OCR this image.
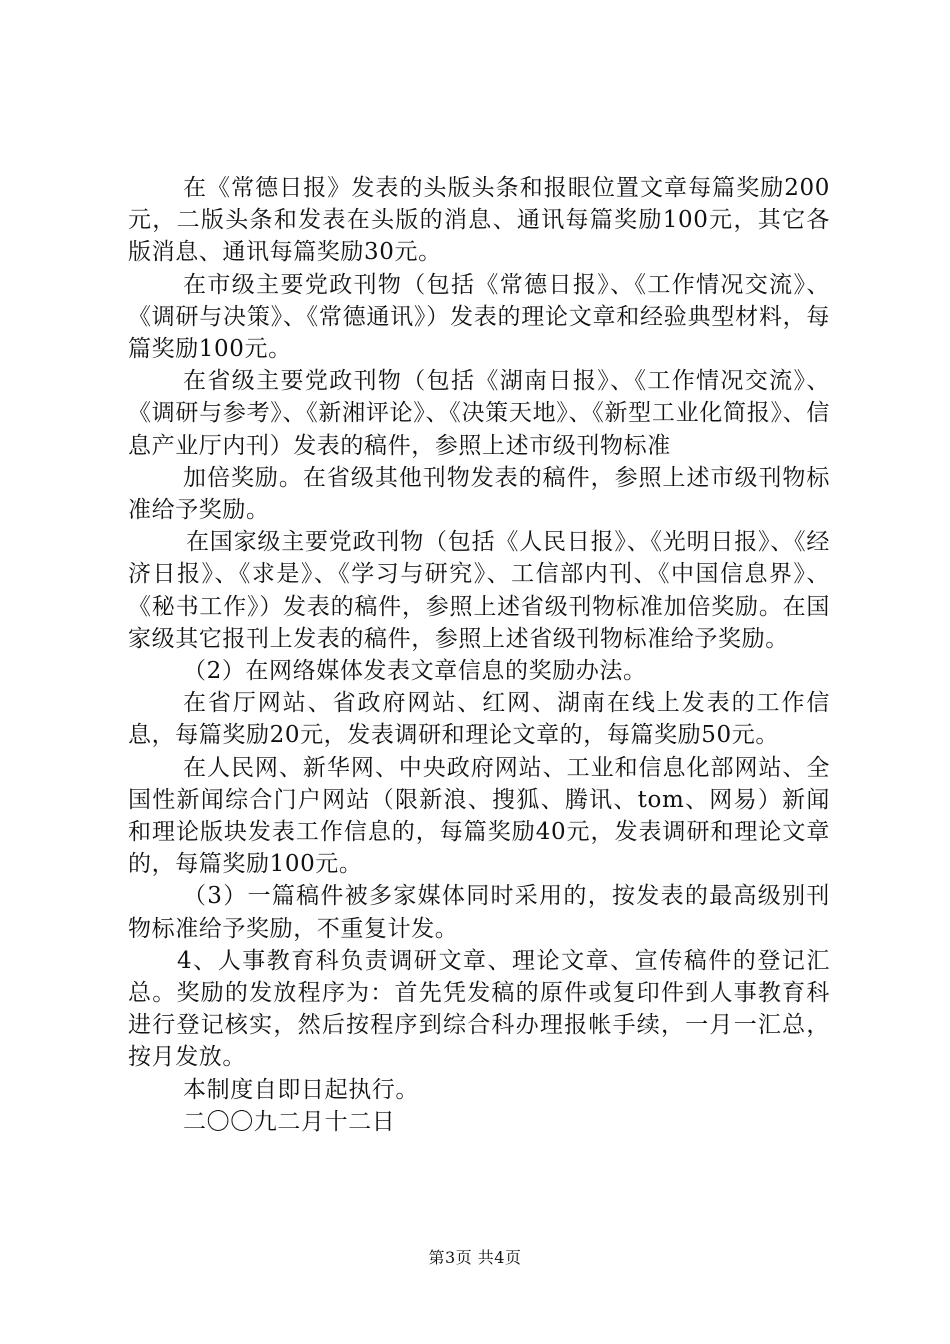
在《常德日报》发表的头版头条和报眼位置文章每篇奖励200元，二版头条和发表在头版的消息、通讯每篇奖励100元，其它各版消息、通讯每篇奖励30元。

在市级主要党政刊物（包括《常德日报》、《工作情况交流》、《调研与决策》、《常德通讯》）发表的理论文章和经验典型材料，每篇奖励100元。

在省级主要党政刊物（包括《湖南日报》、《工作情况交流》、《调研与参考》、《新湘评论》、《决策天地》、《新型工业化简报》、信息产业厅内刊）发表的稿件，参照上述市级刊物标准

加倍奖励。在省级其他刊物发表的稿件，参照上述市级刊物标准给予奖励。

在国家级主要党政刊物（包括《人民日报》、《光明日报》、《经济日报》、《求是》、《学习与研究》、工信部内刊、《中国信息界》、《秘书工作》）发表的稿件，参照上述省级刊物标准加倍奖励。在国家级其它报刊上发表的稿件，参照上述省级刊物标准给予奖励。

（2）在网络媒体发表文章信息的奖励办法。

在省厅网站、省政府网站、红网、湖南在线上发表的工作信息，每篇奖励20元，发表调研和理论文章的，每篇奖励50元。

在人民网、新华网、中央政府网站、工业和信息化部网站、全国性新闻综合门户网站（限新浪、搜狐、腾讯、tom、网易）新闻和理论版块发表工作信息的，每篇奖励40元，发表调研和理论文章的，每篇奖励100元。

（3）一篇稿件被多家媒体同时采用的，按发表的最高级别刊物标准给予奖励，不重复计发。

4、人事教育科负责调研文章、理论文章、宣传稿件的登记汇总。奖励的发放程序为：首先凭发稿的原件或复印件到人事教育科进行登记核实，然后按程序到综合科办理报帐手续，一月一汇总，按月发放。

本制度自即日起执行。

二〇〇九二月十二日

第3页 共4页
